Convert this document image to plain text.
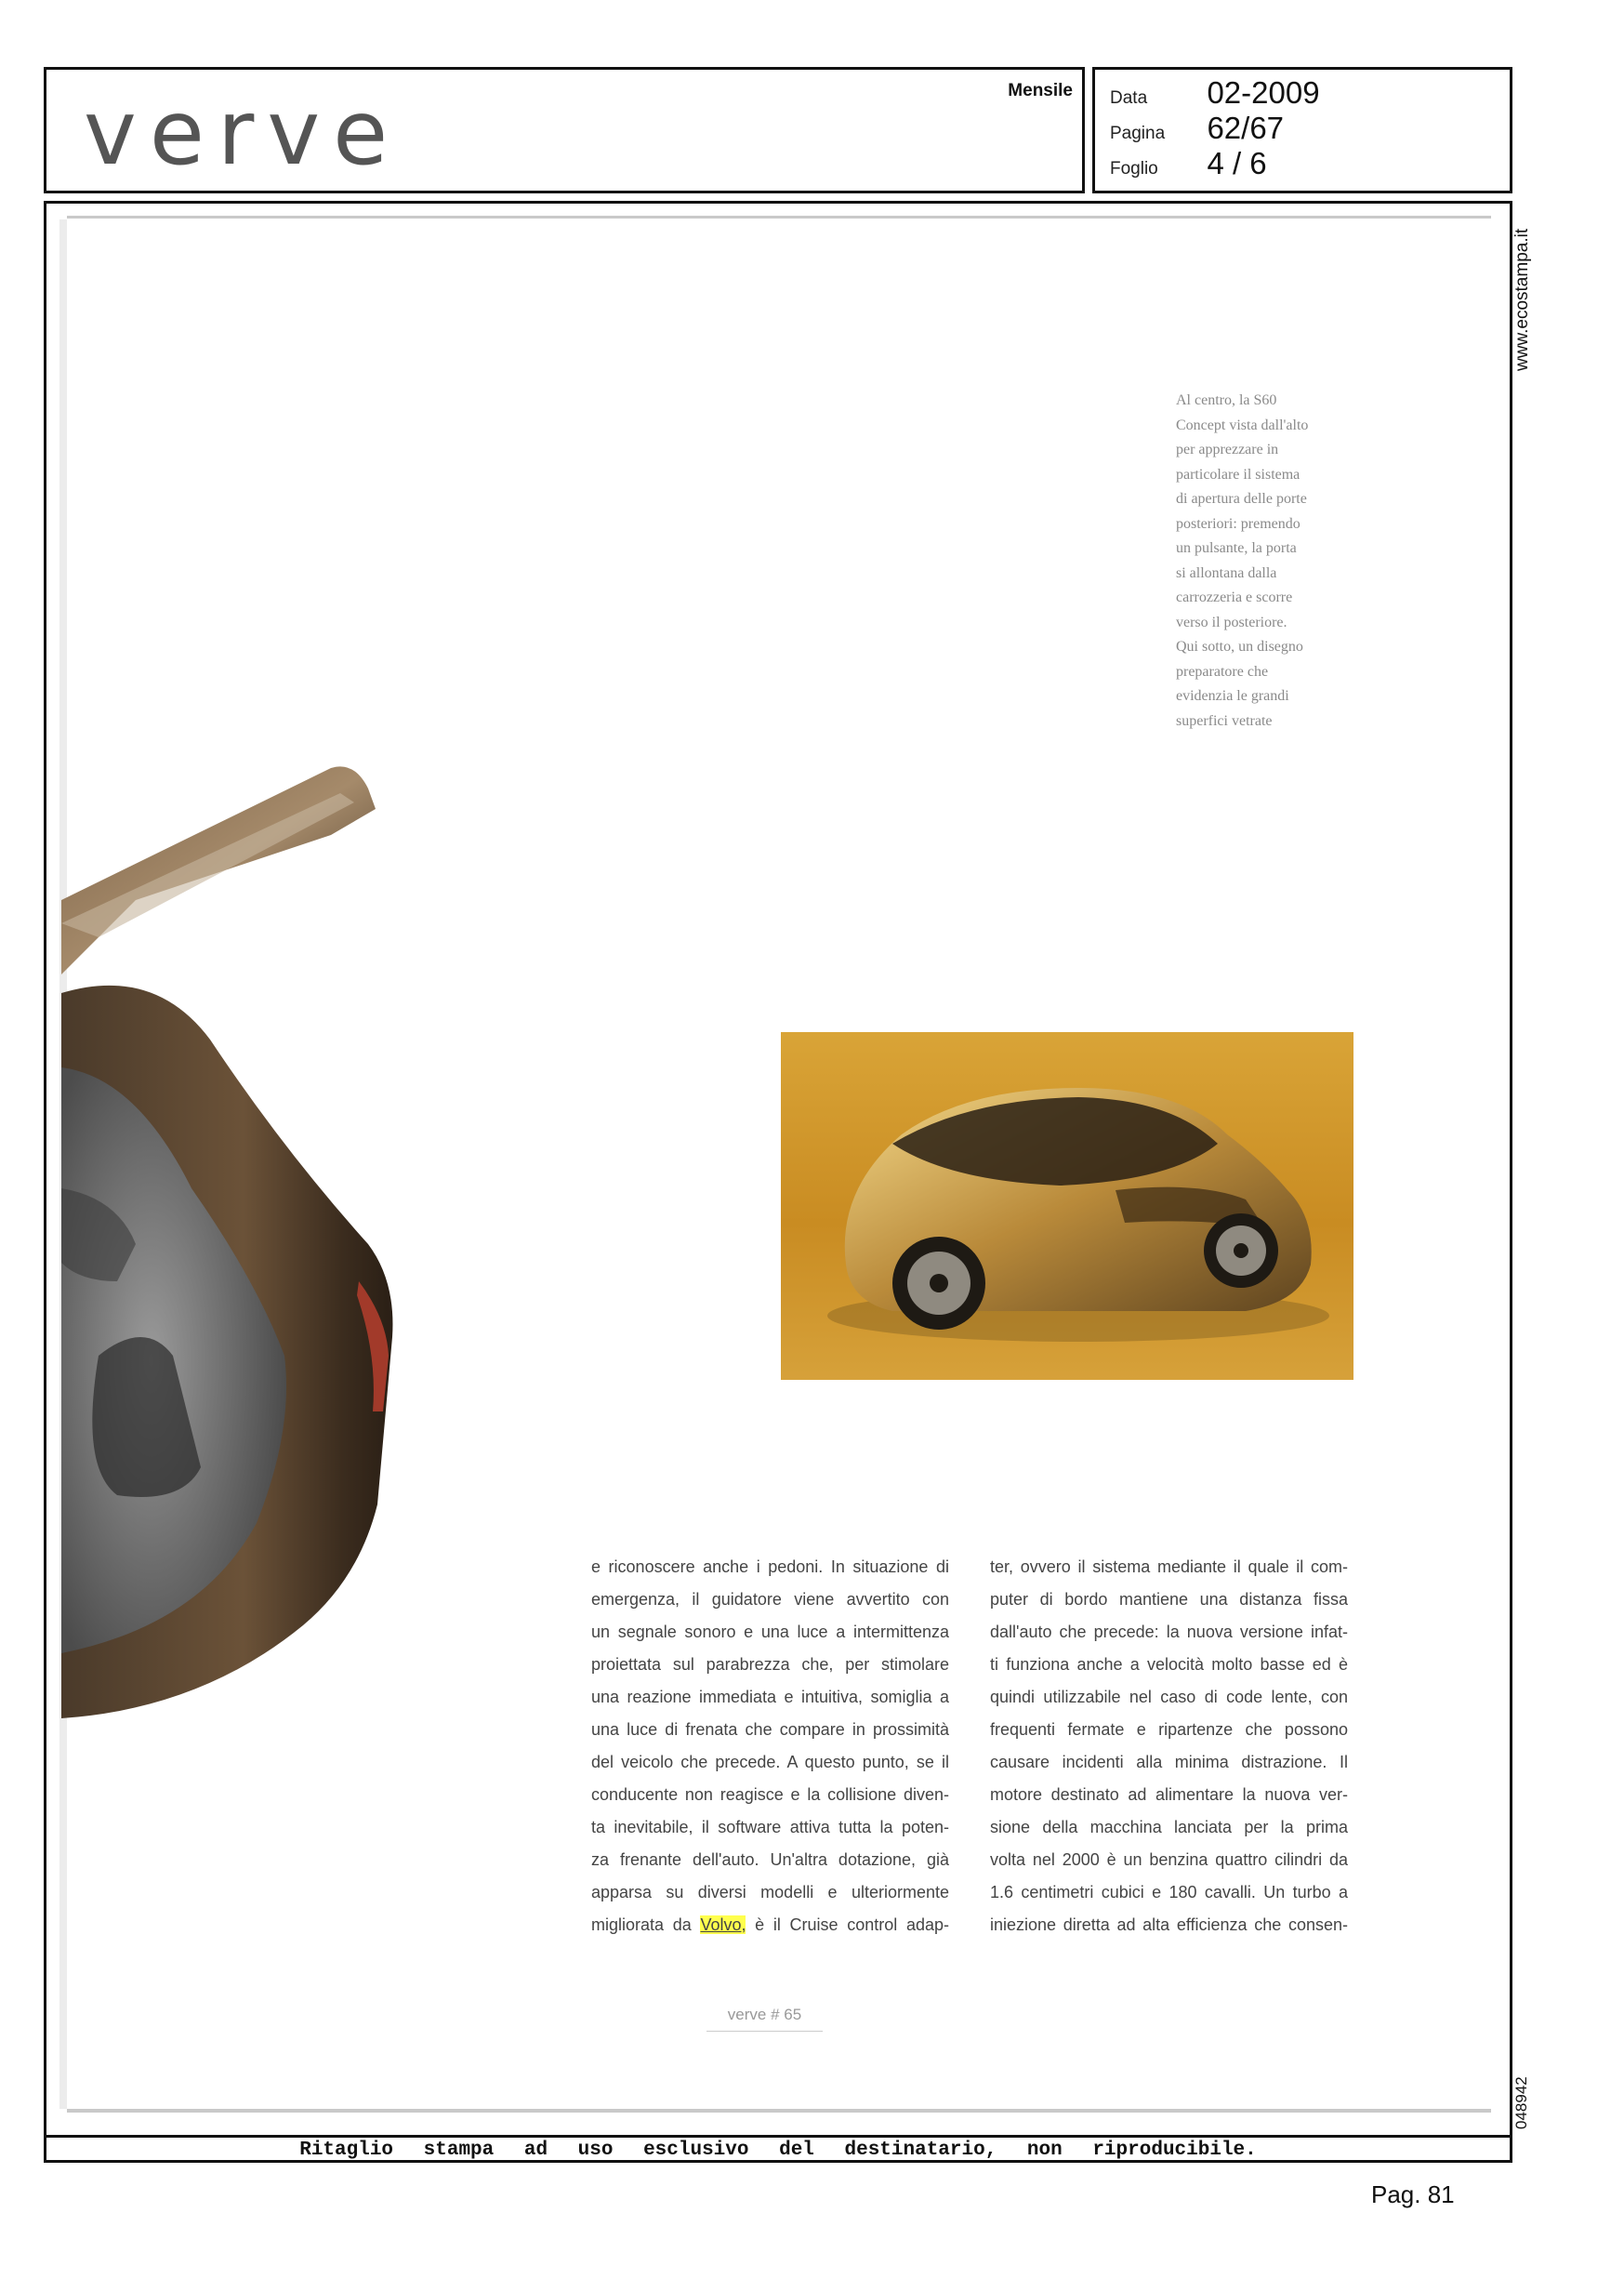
verve	Mensile Data 02-2009
Pagina 62/67
Foglio 4 / 6
www.ecostampa.it
048942

Al centro, la S60

Concept vista dall'alto

per apprezzare in

particolare il sistema

di apertura delle porte

posteriori: premendo

un pulsante, la porta

si allontana dalla

carrozzeria e scorre

verso il posteriore.

Qui sotto, un disegno

preparatore che

evidenzia le grandi

superfici vetrate

e riconoscere anche i pedoni. In situazione di
emergenza, il guidatore viene avvertito con
un segnale sonoro e una luce a intermittenza
proiettata sul parabrezza che, per stimolare
una reazione immediata e intuitiva, somiglia a
una luce di frenata che compare in prossimità
del veicolo che precede. A questo punto, se il
conducente non reagisce e la collisione diven-
ta inevitabile, il software attiva tutta la poten-
za frenante dell'auto. Un'altra dotazione, già
apparsa su diversi modelli e ulteriormente
migliorata da Volvo, è il Cruise control adap-
ter, ovvero il sistema mediante il quale il com-
puter di bordo mantiene una distanza fissa
dall'auto che precede: la nuova versione infat-
ti funziona anche a velocità molto basse ed è
quindi utilizzabile nel caso di code lente, con
frequenti fermate e ripartenze che possono
causare incidenti alla minima distrazione. Il
motore destinato ad alimentare la nuova ver-
sione della macchina lanciata per la prima
volta nel 2000 è un benzina quattro cilindri da
1.6 centimetri cubici e 180 cavalli. Un turbo a
iniezione diretta ad alta efficienza che consen-
verve # 65
Ritaglio stampa ad uso esclusivo del destinatario, non riproducibile.
Pag. 81
